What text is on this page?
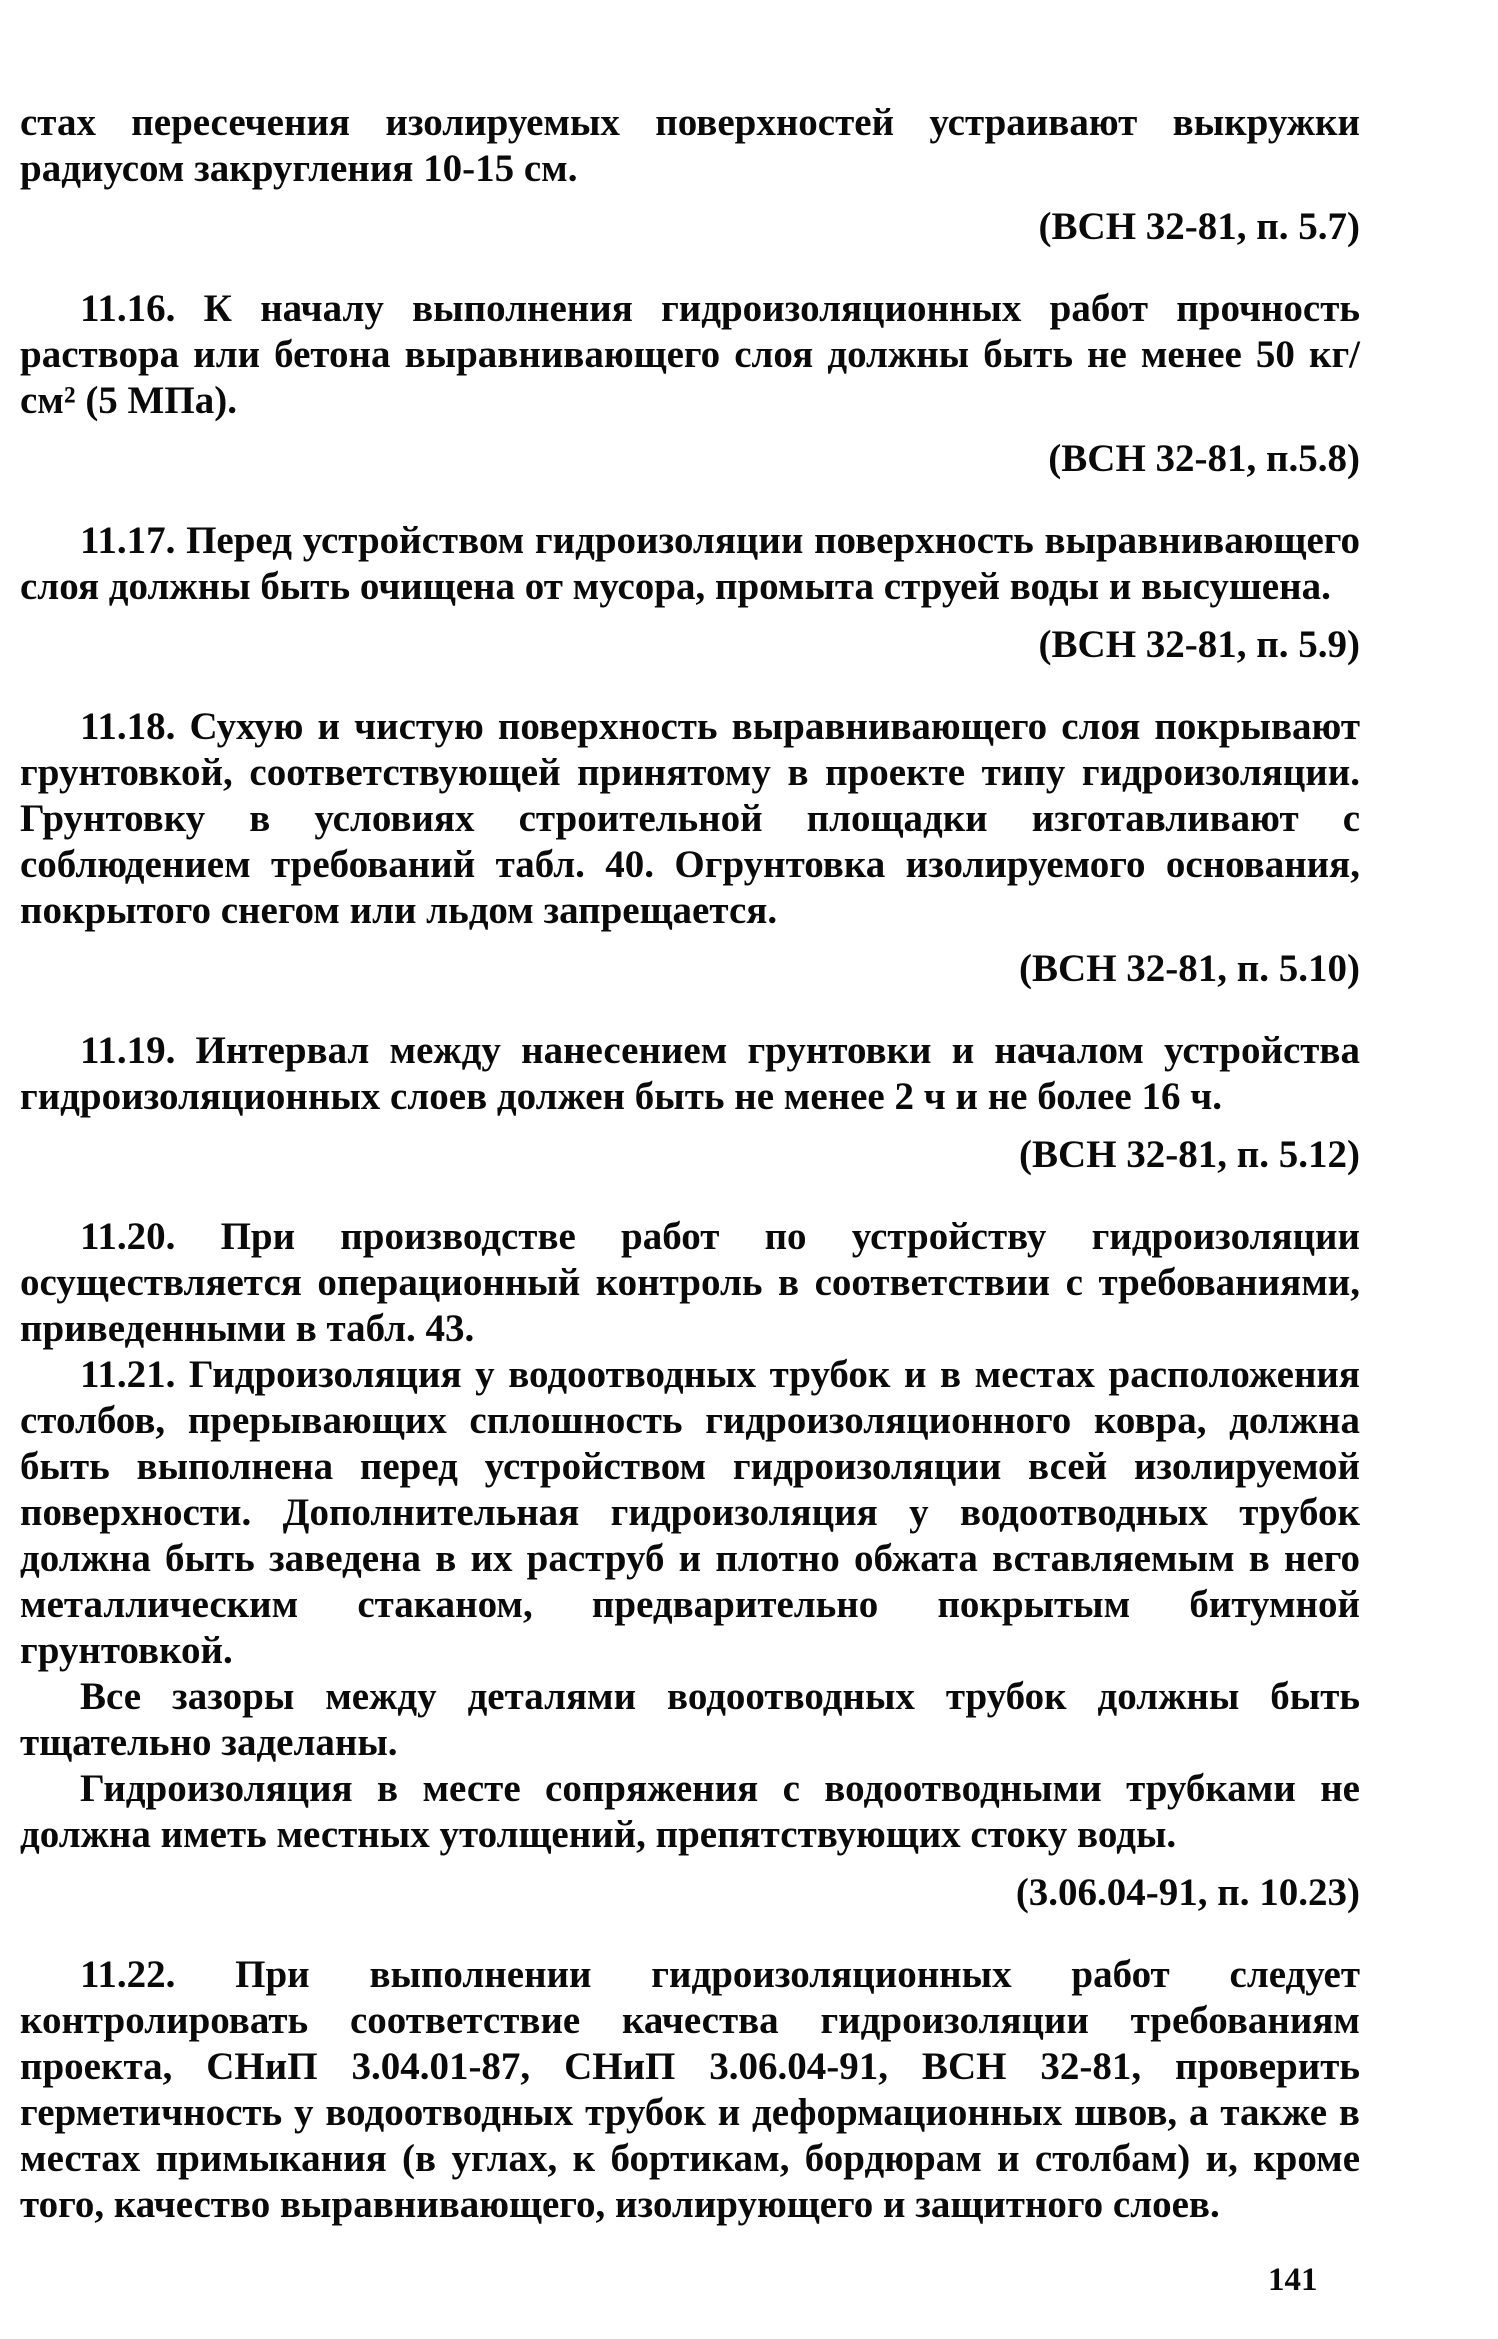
стах пересечения изолируемых поверхностей устраивают выкружки радиусом закругления 10-15 см.

(ВСН 32-81, п. 5.7)

11.16. К началу выполнения гидроизоляционных работ прочность раствора или бетона выравнивающего слоя должны быть не менее 50 кг/см² (5 МПа).

(ВСН 32-81, п.5.8)

11.17. Перед устройством гидроизоляции поверхность выравнивающего слоя должны быть очищена от мусора, промыта струей воды и высушена.

(ВСН 32-81, п. 5.9)

11.18. Сухую и чистую поверхность выравнивающего слоя покрывают грунтовкой, соответствующей принятому в проекте типу гидроизоляции. Грунтовку в условиях строительной площадки изготавливают с соблюдением требований табл. 40. Огрунтовка изолируемого основания, покрытого снегом или льдом запрещается.

(ВСН 32-81, п. 5.10)

11.19. Интервал между нанесением грунтовки и началом устройства гидроизоляционных слоев должен быть не менее 2 ч и не более 16 ч.

(ВСН 32-81, п. 5.12)

11.20. При производстве работ по устройству гидроизоляции осуществляется операционный контроль в соответствии с требованиями, приведенными в табл. 43.

11.21. Гидроизоляция у водоотводных трубок и в местах расположения столбов, прерывающих сплошность гидроизоляционного ковра, должна быть выполнена перед устройством гидроизоляции всей изолируемой поверхности. Дополнительная гидроизоляция у водоотводных трубок должна быть заведена в их раструб и плотно обжата вставляемым в него металлическим стаканом, предварительно покрытым битумной грунтовкой.

Все зазоры между деталями водоотводных трубок должны быть тщательно заделаны.

Гидроизоляция в месте сопряжения с водоотводными трубками не должна иметь местных утолщений, препятствующих стоку воды.

(3.06.04-91, п. 10.23)

11.22. При выполнении гидроизоляционных работ следует контролировать соответствие качества гидроизоляции требованиям проекта, СНиП 3.04.01-87, СНиП 3.06.04-91, ВСН 32-81, проверить герметичность у водоотводных трубок и деформационных швов, а также в местах примыкания (в углах, к бортикам, бордюрам и столбам) и, кроме того, качество выравнивающего, изолирующего и защитного слоев.

141
